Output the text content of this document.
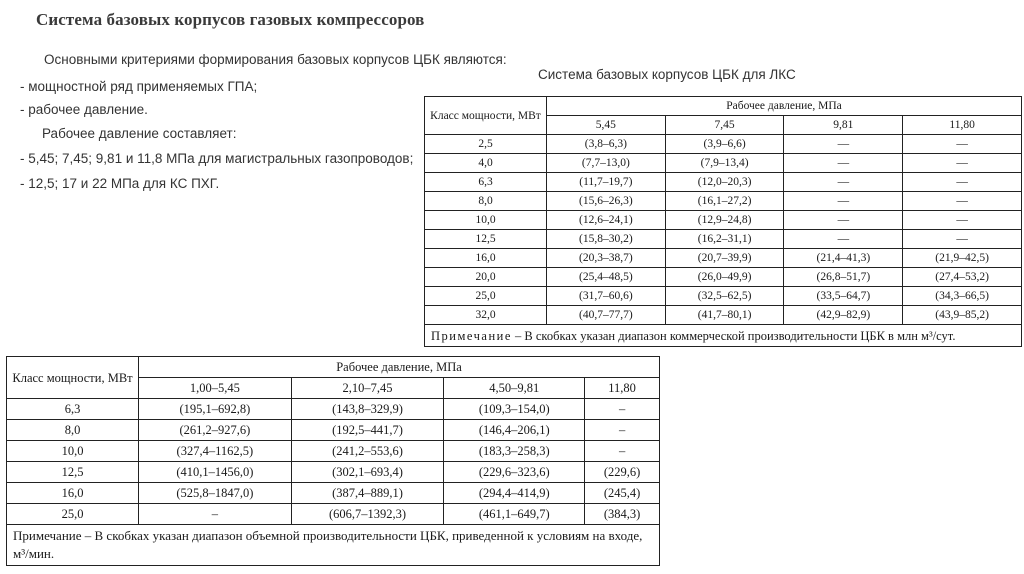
Система базовых корпусов газовых компрессоров
Основными критериями формирования базовых корпусов ЦБК являются:
- мощностной ряд применяемых ГПА;
- рабочее давление.
Рабочее давление составляет:
- 5,45; 7,45; 9,81 и 11,8 МПа для магистральных газопроводов;
- 12,5; 17 и 22 МПа для КС ПХГ.
Система базовых корпусов ЦБК для ЛКС
Класс мощности, МВт	Рабочее давление, МПа			
	5,45	7,45	9,81	11,80
2,5	(3,8–6,3)	(3,9–6,6)	—	—
4,0	(7,7–13,0)	(7,9–13,4)	—	—
6,3	(11,7–19,7)	(12,0–20,3)	—	—
8,0	(15,6–26,3)	(16,1–27,2)	—	—
10,0	(12,6–24,1)	(12,9–24,8)	—	—
12,5	(15,8–30,2)	(16,2–31,1)	—	—
16,0	(20,3–38,7)	(20,7–39,9)	(21,4–41,3)	(21,9–42,5)
20,0	(25,4–48,5)	(26,0–49,9)	(26,8–51,7)	(27,4–53,2)
25,0	(31,7–60,6)	(32,5–62,5)	(33,5–64,7)	(34,3–66,5)
32,0	(40,7–77,7)	(41,7–80,1)	(42,9–82,9)	(43,9–85,2)
Примечание – В скобках указан диапазон коммерческой производительности ЦБК в млн м³/сут.				
Класс мощности, МВт	Рабочее давление, МПа			
	1,00–5,45	2,10–7,45	4,50–9,81	11,80
6,3	(195,1–692,8)	(143,8–329,9)	(109,3–154,0)	–
8,0	(261,2–927,6)	(192,5–441,7)	(146,4–206,1)	–
10,0	(327,4–1162,5)	(241,2–553,6)	(183,3–258,3)	–
12,5	(410,1–1456,0)	(302,1–693,4)	(229,6–323,6)	(229,6)
16,0	(525,8–1847,0)	(387,4–889,1)	(294,4–414,9)	(245,4)
25,0	–	(606,7–1392,3)	(461,1–649,7)	(384,3)
Примечание – В скобках указан диапазон объемной производительности ЦБК, приведенной к условиям на входе, м³/мин.				
